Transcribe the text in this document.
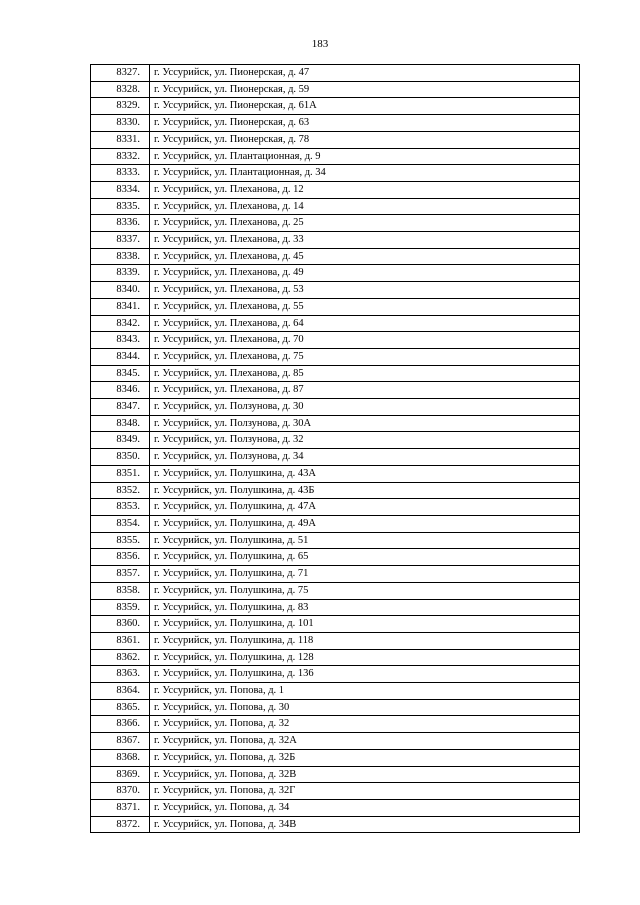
183
8327.	г. Уссурийск, ул. Пионерская, д. 47
8328.	г. Уссурийск, ул. Пионерская, д. 59
8329.	г. Уссурийск, ул. Пионерская, д. 61А
8330.	г. Уссурийск, ул. Пионерская, д. 63
8331.	г. Уссурийск, ул. Пионерская, д. 78
8332.	г. Уссурийск, ул. Плантационная, д. 9
8333.	г. Уссурийск, ул. Плантационная, д. 34
8334.	г. Уссурийск, ул. Плеханова, д. 12
8335.	г. Уссурийск, ул. Плеханова, д. 14
8336.	г. Уссурийск, ул. Плеханова, д. 25
8337.	г. Уссурийск, ул. Плеханова, д. 33
8338.	г. Уссурийск, ул. Плеханова, д. 45
8339.	г. Уссурийск, ул. Плеханова, д. 49
8340.	г. Уссурийск, ул. Плеханова, д. 53
8341.	г. Уссурийск, ул. Плеханова, д. 55
8342.	г. Уссурийск, ул. Плеханова, д. 64
8343.	г. Уссурийск, ул. Плеханова, д. 70
8344.	г. Уссурийск, ул. Плеханова, д. 75
8345.	г. Уссурийск, ул. Плеханова, д. 85
8346.	г. Уссурийск, ул. Плеханова, д. 87
8347.	г. Уссурийск, ул. Ползунова, д. 30
8348.	г. Уссурийск, ул. Ползунова, д. 30А
8349.	г. Уссурийск, ул. Ползунова, д. 32
8350.	г. Уссурийск, ул. Ползунова, д. 34
8351.	г. Уссурийск, ул. Полушкина, д. 43А
8352.	г. Уссурийск, ул. Полушкина, д. 43Б
8353.	г. Уссурийск, ул. Полушкина, д. 47А
8354.	г. Уссурийск, ул. Полушкина, д. 49А
8355.	г. Уссурийск, ул. Полушкина, д. 51
8356.	г. Уссурийск, ул. Полушкина, д. 65
8357.	г. Уссурийск, ул. Полушкина, д. 71
8358.	г. Уссурийск, ул. Полушкина, д. 75
8359.	г. Уссурийск, ул. Полушкина, д. 83
8360.	г. Уссурийск, ул. Полушкина, д. 101
8361.	г. Уссурийск, ул. Полушкина, д. 118
8362.	г. Уссурийск, ул. Полушкина, д. 128
8363.	г. Уссурийск, ул. Полушкина, д. 136
8364.	г. Уссурийск, ул. Попова, д. 1
8365.	г. Уссурийск, ул. Попова, д. 30
8366.	г. Уссурийск, ул. Попова, д. 32
8367.	г. Уссурийск, ул. Попова, д. 32А
8368.	г. Уссурийск, ул. Попова, д. 32Б
8369.	г. Уссурийск, ул. Попова, д. 32В
8370.	г. Уссурийск, ул. Попова, д. 32Г
8371.	г. Уссурийск, ул. Попова, д. 34
8372.	г. Уссурийск, ул. Попова, д. 34В
